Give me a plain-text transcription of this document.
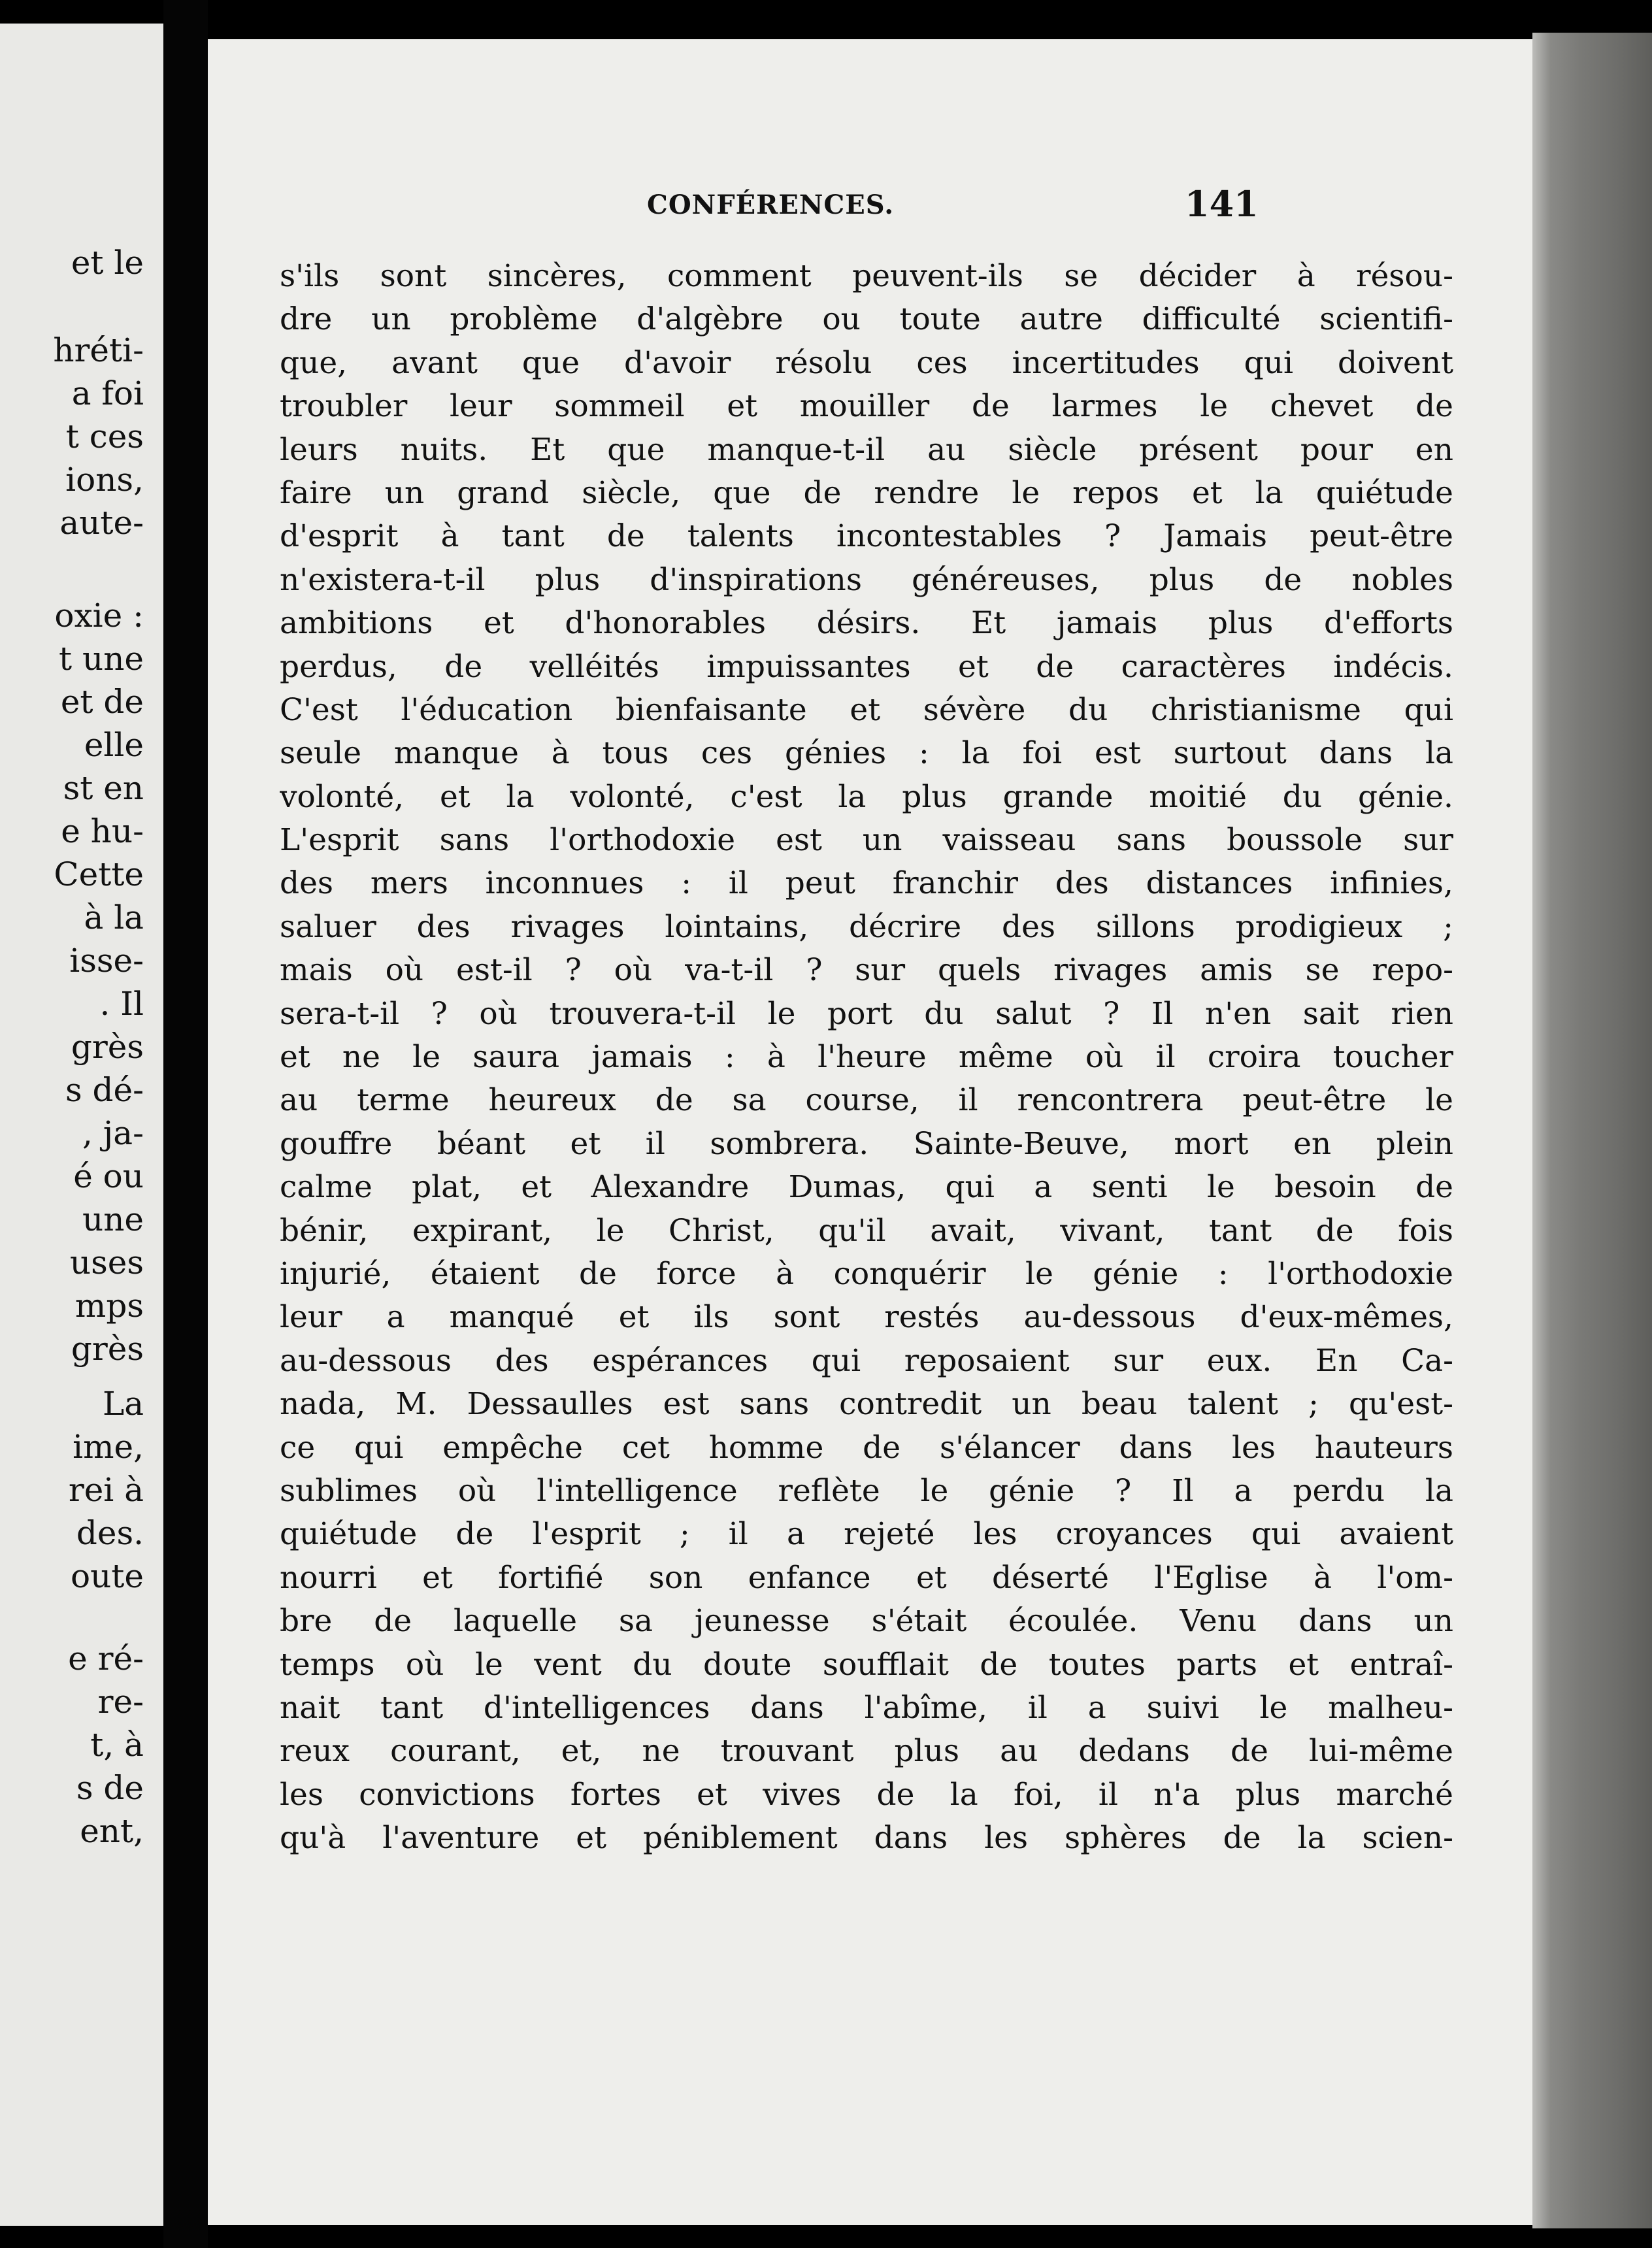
et le
hréti-
a foi
t ces
ions,
aute-
oxie :
t une
et de
elle
st en
e hu-
Cette
à la
isse-
. Il
grès
s dé-
, ja-
é ou
une
uses
mps
grès
La
ime,
rei à
des.
oute
e ré-
re-
t, à
s de
ent,
CONFÉRENCES.	141
s'ils sont sincères, comment peuvent-ils se décider à résou-
dre un problème d'algèbre ou toute autre difficulté scientifi-
que, avant que d'avoir résolu ces incertitudes qui doivent
troubler leur sommeil et mouiller de larmes le chevet de
leurs nuits. Et que manque-t-il au siècle présent pour en
faire un grand siècle, que de rendre le repos et la quiétude
d'esprit à tant de talents incontestables ? Jamais peut-être
n'existera-t-il plus d'inspirations généreuses, plus de nobles
ambitions et d'honorables désirs. Et jamais plus d'efforts
perdus, de velléités impuissantes et de caractères indécis.
C'est l'éducation bienfaisante et sévère du christianisme qui
seule manque à tous ces génies : la foi est surtout dans la
volonté, et la volonté, c'est la plus grande moitié du génie.
L'esprit sans l'orthodoxie est un vaisseau sans boussole sur
des mers inconnues : il peut franchir des distances infinies,
saluer des rivages lointains, décrire des sillons prodigieux ;
mais où est-il ? où va-t-il ? sur quels rivages amis se repo-
sera-t-il ? où trouvera-t-il le port du salut ? Il n'en sait rien
et ne le saura jamais : à l'heure même où il croira toucher
au terme heureux de sa course, il rencontrera peut-être le
gouffre béant et il sombrera. Sainte-Beuve, mort en plein
calme plat, et Alexandre Dumas, qui a senti le besoin de
bénir, expirant, le Christ, qu'il avait, vivant, tant de fois
injurié, étaient de force à conquérir le génie : l'orthodoxie
leur a manqué et ils sont restés au-dessous d'eux-mêmes,
au-dessous des espérances qui reposaient sur eux. En Ca-
nada, M. Dessaulles est sans contredit un beau talent ; qu'est-
ce qui empêche cet homme de s'élancer dans les hauteurs
sublimes où l'intelligence reflète le génie ? Il a perdu la
quiétude de l'esprit ; il a rejeté les croyances qui avaient
nourri et fortifié son enfance et déserté l'Eglise à l'om-
bre de laquelle sa jeunesse s'était écoulée. Venu dans un
temps où le vent du doute soufflait de toutes parts et entraî-
nait tant d'intelligences dans l'abîme, il a suivi le malheu-
reux courant, et, ne trouvant plus au dedans de lui-même
les convictions fortes et vives de la foi, il n'a plus marché
qu'à l'aventure et péniblement dans les sphères de la scien-
